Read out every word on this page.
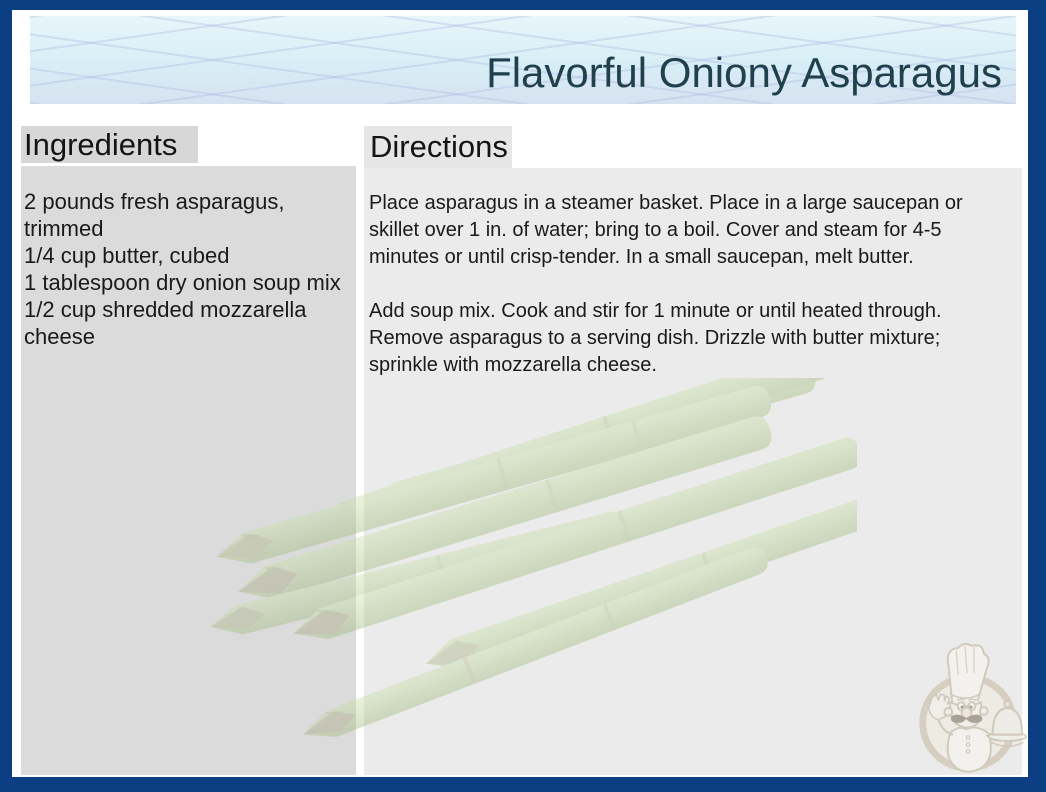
Flavorful Oniony Asparagus
Ingredients
2 pounds fresh asparagus, trimmed
1/4 cup butter, cubed
1 tablespoon dry onion soup mix
1/2 cup shredded mozzarella cheese
Directions

Place asparagus in a steamer basket. Place in a large saucepan or skillet over 1 in. of water; bring to a boil. Cover and steam for 4-5 minutes or until crisp-tender. In a small saucepan, melt butter.

Add soup mix. Cook and stir for 1 minute or until heated through. Remove asparagus to a serving dish. Drizzle with butter mixture; sprinkle with mozzarella cheese.
